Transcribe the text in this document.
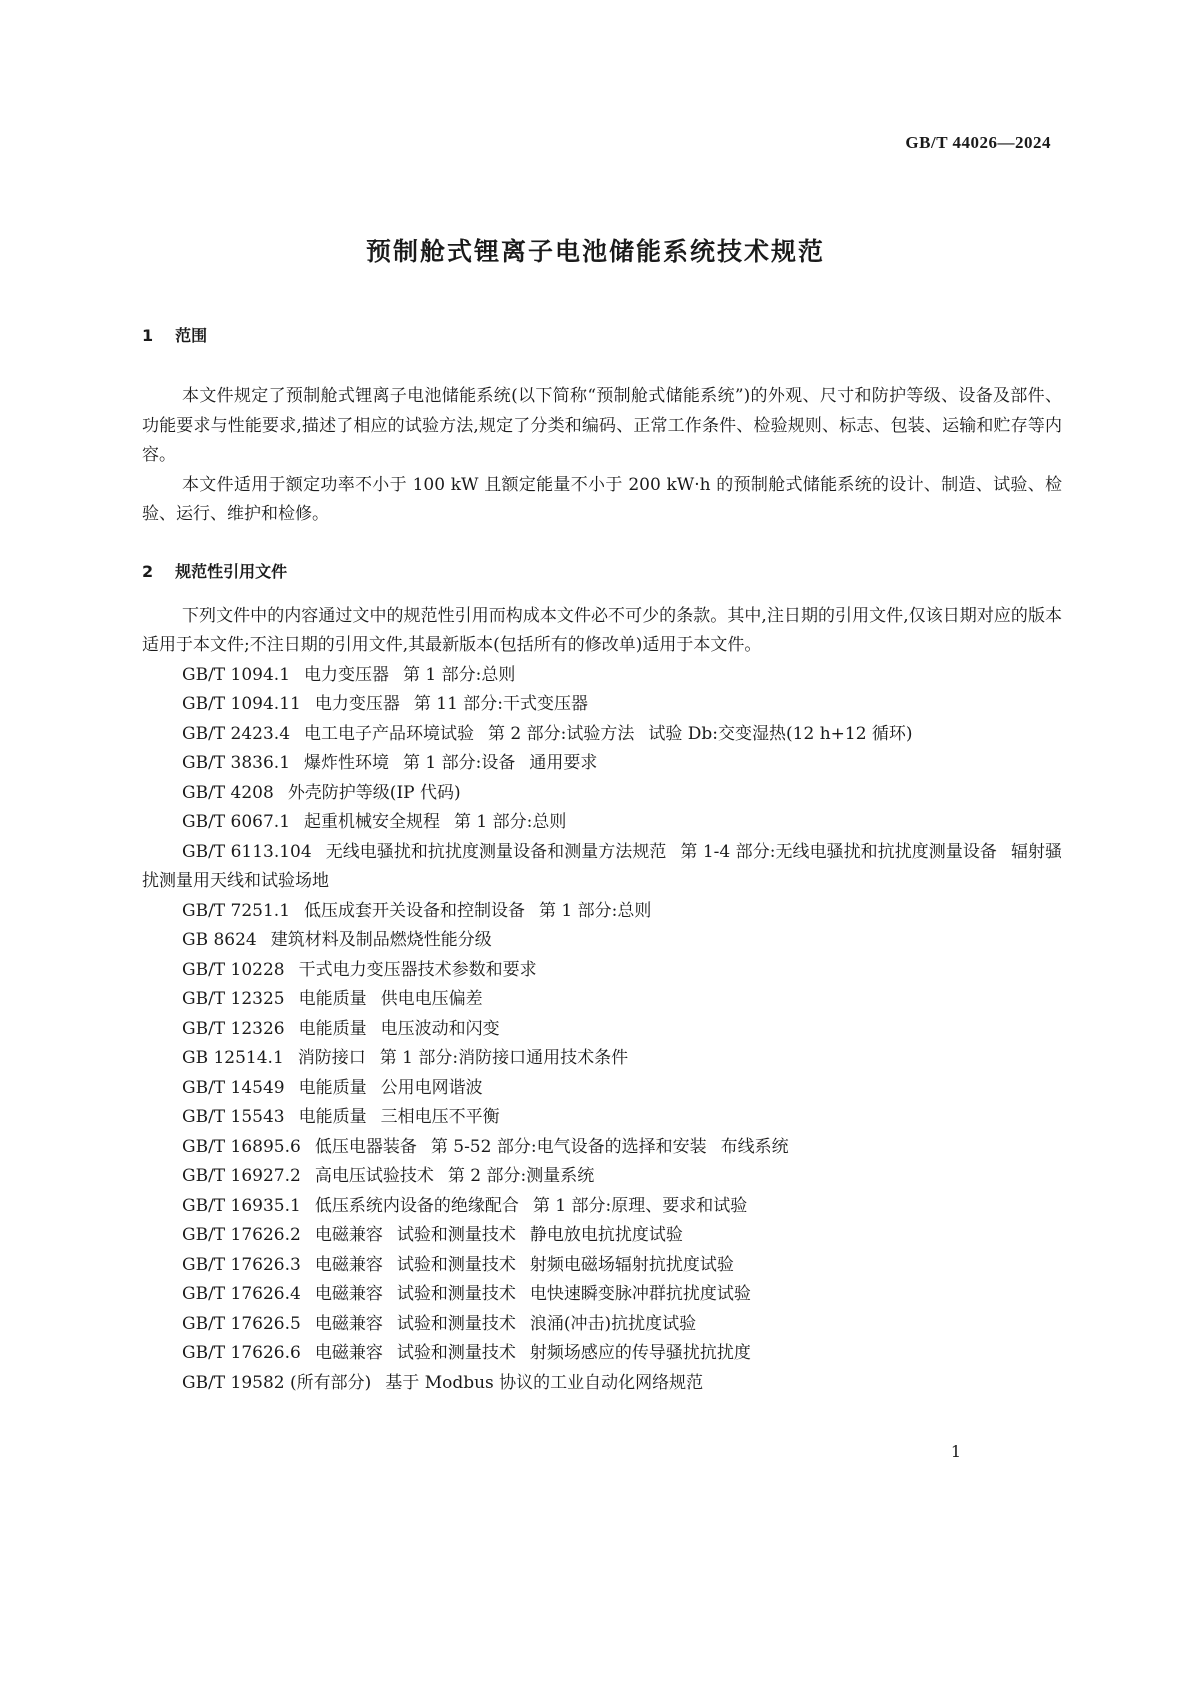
GB/T 44026—2024
预制舱式锂离子电池储能系统技术规范
1 范围

本文件规定了预制舱式锂离子电池储能系统(以下简称“预制舱式储能系统”)的外观、尺寸和防护等级、设备及部件、功能要求与性能要求,描述了相应的试验方法,规定了分类和编码、正常工作条件、检验规则、标志、包装、运输和贮存等内容。

本文件适用于额定功率不小于 100 kW 且额定能量不小于 200 kW·h 的预制舱式储能系统的设计、制造、试验、检验、运行、维护和检修。

2 规范性引用文件

下列文件中的内容通过文中的规范性引用而构成本文件必不可少的条款。其中,注日期的引用文件,仅该日期对应的版本适用于本文件;不注日期的引用文件,其最新版本(包括所有的修改单)适用于本文件。

GB/T 1094.1 电力变压器 第 1 部分:总则
GB/T 1094.11 电力变压器 第 11 部分:干式变压器
GB/T 2423.4 电工电子产品环境试验 第 2 部分:试验方法 试验 Db:交变湿热(12 h+12 循环)
GB/T 3836.1 爆炸性环境 第 1 部分:设备 通用要求
GB/T 4208 外壳防护等级(IP 代码)
GB/T 6067.1 起重机械安全规程 第 1 部分:总则
GB/T 6113.104 无线电骚扰和抗扰度测量设备和测量方法规范 第 1-4 部分:无线电骚扰和抗扰度测量设备 辐射骚扰测量用天线和试验场地
GB/T 7251.1 低压成套开关设备和控制设备 第 1 部分:总则
GB 8624 建筑材料及制品燃烧性能分级
GB/T 10228 干式电力变压器技术参数和要求
GB/T 12325 电能质量 供电电压偏差
GB/T 12326 电能质量 电压波动和闪变
GB 12514.1 消防接口 第 1 部分:消防接口通用技术条件
GB/T 14549 电能质量 公用电网谐波
GB/T 15543 电能质量 三相电压不平衡
GB/T 16895.6 低压电器装备 第 5-52 部分:电气设备的选择和安装 布线系统
GB/T 16927.2 高电压试验技术 第 2 部分:测量系统
GB/T 16935.1 低压系统内设备的绝缘配合 第 1 部分:原理、要求和试验
GB/T 17626.2 电磁兼容 试验和测量技术 静电放电抗扰度试验
GB/T 17626.3 电磁兼容 试验和测量技术 射频电磁场辐射抗扰度试验
GB/T 17626.4 电磁兼容 试验和测量技术 电快速瞬变脉冲群抗扰度试验
GB/T 17626.5 电磁兼容 试验和测量技术 浪涌(冲击)抗扰度试验
GB/T 17626.6 电磁兼容 试验和测量技术 射频场感应的传导骚扰抗扰度
GB/T 19582 (所有部分) 基于 Modbus 协议的工业自动化网络规范
1
